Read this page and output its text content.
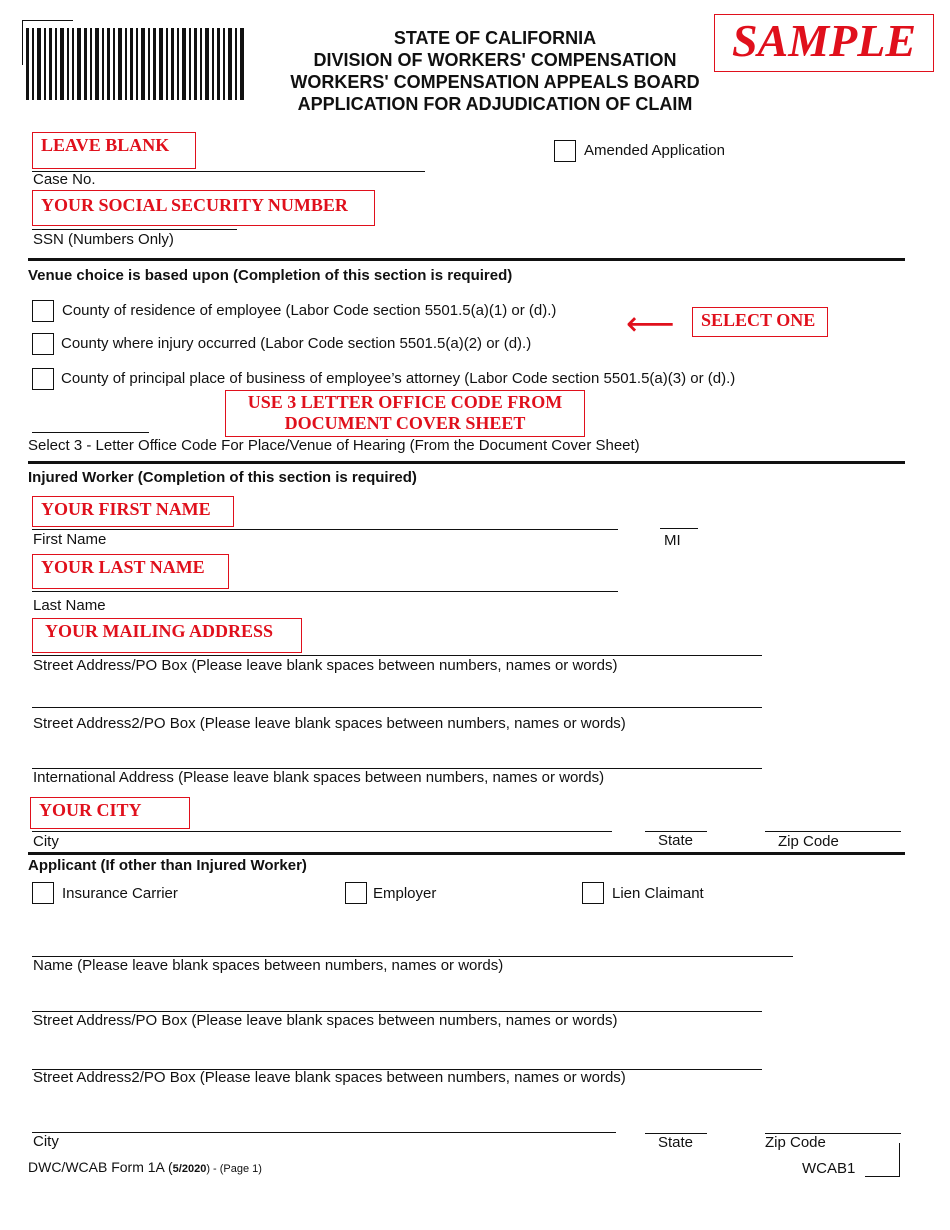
STATE OF CALIFORNIA
DIVISION OF WORKERS' COMPENSATION
WORKERS' COMPENSATION APPEALS BOARD
APPLICATION FOR ADJUDICATION OF CLAIM
SAMPLE
LEAVE BLANK
Case No.
Amended Application
YOUR SOCIAL SECURITY NUMBER
SSN (Numbers Only)
Venue choice is based upon (Completion of this section is required)
County of residence of employee (Labor Code section 5501.5(a)(1) or (d).)
County where injury occurred (Labor Code section 5501.5(a)(2) or (d).)
County of principal place of business of employee’s attorney (Labor Code section 5501.5(a)(3) or (d).)
⟵	SELECT ONE
USE 3 LETTER OFFICE CODE FROM
DOCUMENT COVER SHEET
Select 3 - Letter Office Code For Place/Venue of Hearing (From the Document Cover Sheet)
Injured Worker (Completion of this section is required)
YOUR FIRST NAME
First Name	MI
YOUR LAST NAME
Last Name
YOUR MAILING ADDRESS
Street Address/PO Box (Please leave blank spaces between numbers, names or words)
Street Address2/PO Box (Please leave blank spaces between numbers, names or words)
International Address (Please leave blank spaces between numbers, names or words)
YOUR CITY
City	State	Zip Code
Applicant (If other than Injured Worker)
Insurance Carrier	Employer	Lien Claimant
Name (Please leave blank spaces between numbers, names or words)
Street Address/PO Box (Please leave blank spaces between numbers, names or words)
Street Address2/PO Box (Please leave blank spaces between numbers, names or words)
City	State	Zip Code
DWC/WCAB Form 1A (5/2020) - (Page 1)	WCAB1
